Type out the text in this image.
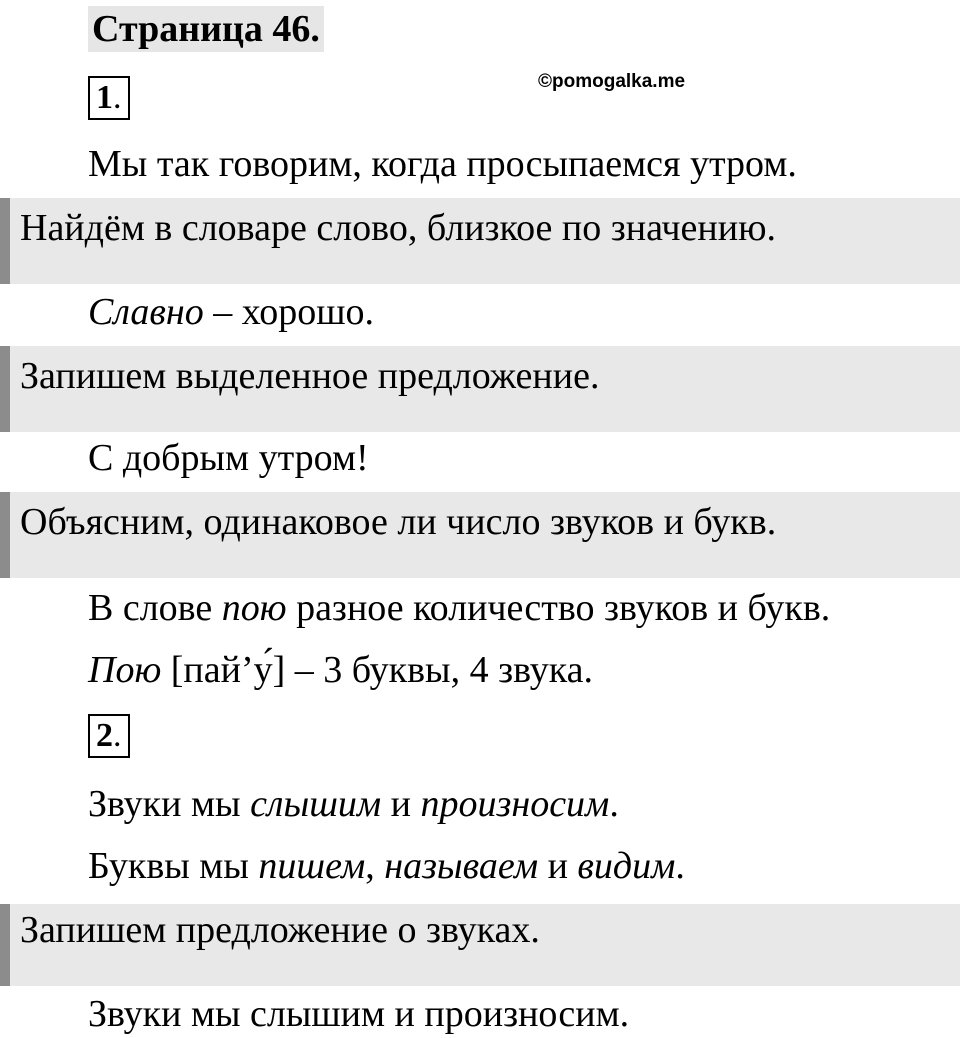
Страница 46.
©pomogalka.me
1.
Мы так говорим, когда просыпаемся утром.
Найдём в словаре слово, близкое по значению.
Славно – хорошо.
Запишем выделенное предложение.
С добрым утром!
Объясним, одинаковое ли число звуков и букв.
В слове пою разное количество звуков и букв.
Пою [пай’у́] – 3 буквы, 4 звука.
2.
Звуки мы слышим и произносим.
Буквы мы пишем, называем и видим.
Запишем предложение о звуках.
Звуки мы слышим и произносим.
